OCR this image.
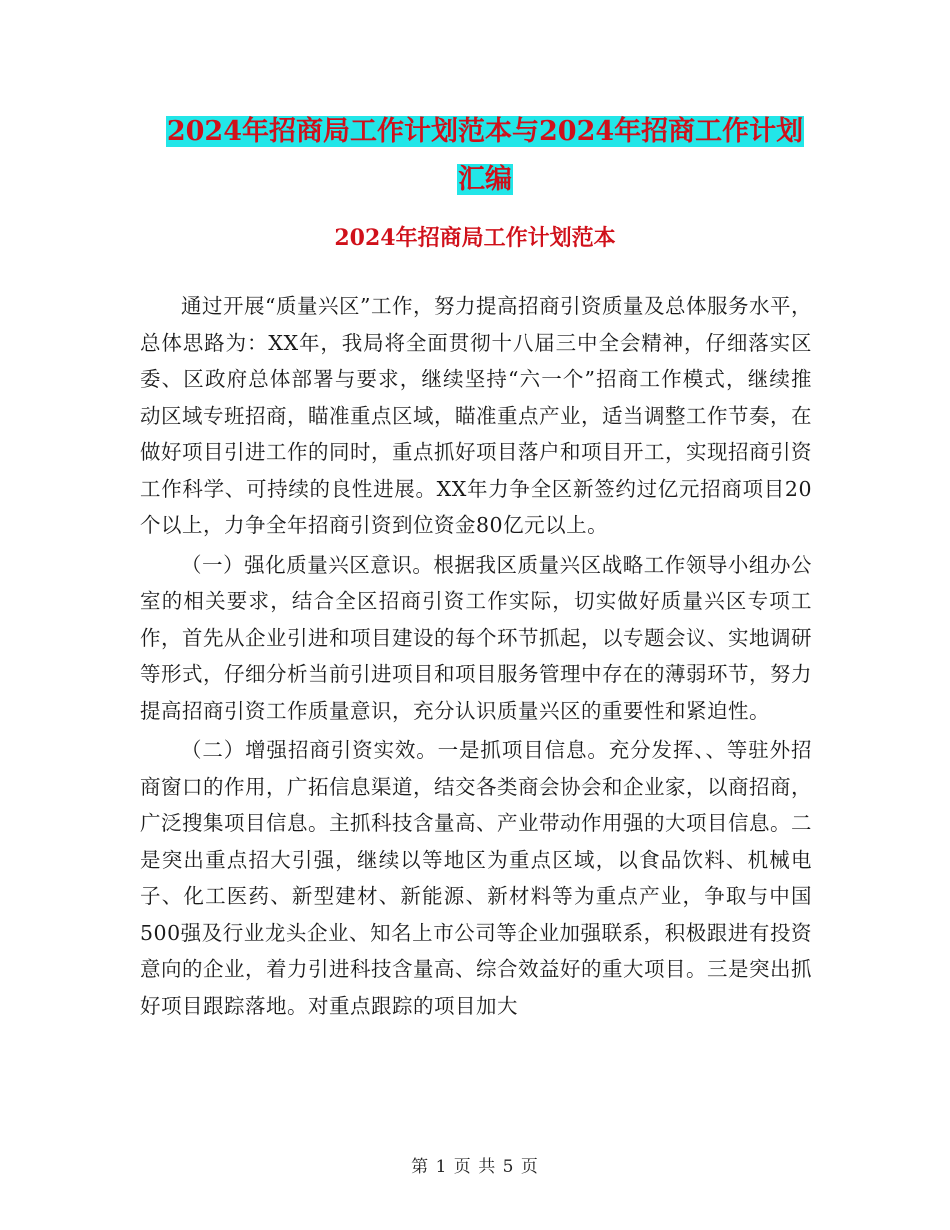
2024年招商局工作计划范本与2024年招商工作计划汇编
2024年招商局工作计划范本

通过开展“质量兴区”工作，努力提高招商引资质量及总体服务水平，总体思路为：XX年，我局将全面贯彻十八届三中全会精神，仔细落实区委、区政府总体部署与要求，继续坚持“六一个”招商工作模式，继续推动区域专班招商，瞄准重点区域，瞄准重点产业，适当调整工作节奏，在做好项目引进工作的同时，重点抓好项目落户和项目开工，实现招商引资工作科学、可持续的良性进展。XX年力争全区新签约过亿元招商项目20个以上，力争全年招商引资到位资金80亿元以上。

（一）强化质量兴区意识。根据我区质量兴区战略工作领导小组办公室的相关要求，结合全区招商引资工作实际，切实做好质量兴区专项工作，首先从企业引进和项目建设的每个环节抓起，以专题会议、实地调研等形式，仔细分析当前引进项目和项目服务管理中存在的薄弱环节，努力提高招商引资工作质量意识，充分认识质量兴区的重要性和紧迫性。

（二）增强招商引资实效。一是抓项目信息。充分发挥、、等驻外招商窗口的作用，广拓信息渠道，结交各类商会协会和企业家，以商招商，广泛搜集项目信息。主抓科技含量高、产业带动作用强的大项目信息。二是突出重点招大引强，继续以等地区为重点区域，以食品饮料、机械电子、化工医药、新型建材、新能源、新材料等为重点产业，争取与中国500强及行业龙头企业、知名上市公司等企业加强联系，积极跟进有投资意向的企业，着力引进科技含量高、综合效益好的重大项目。三是突出抓好项目跟踪落地。对重点跟踪的项目加大

第 1 页 共 5 页
